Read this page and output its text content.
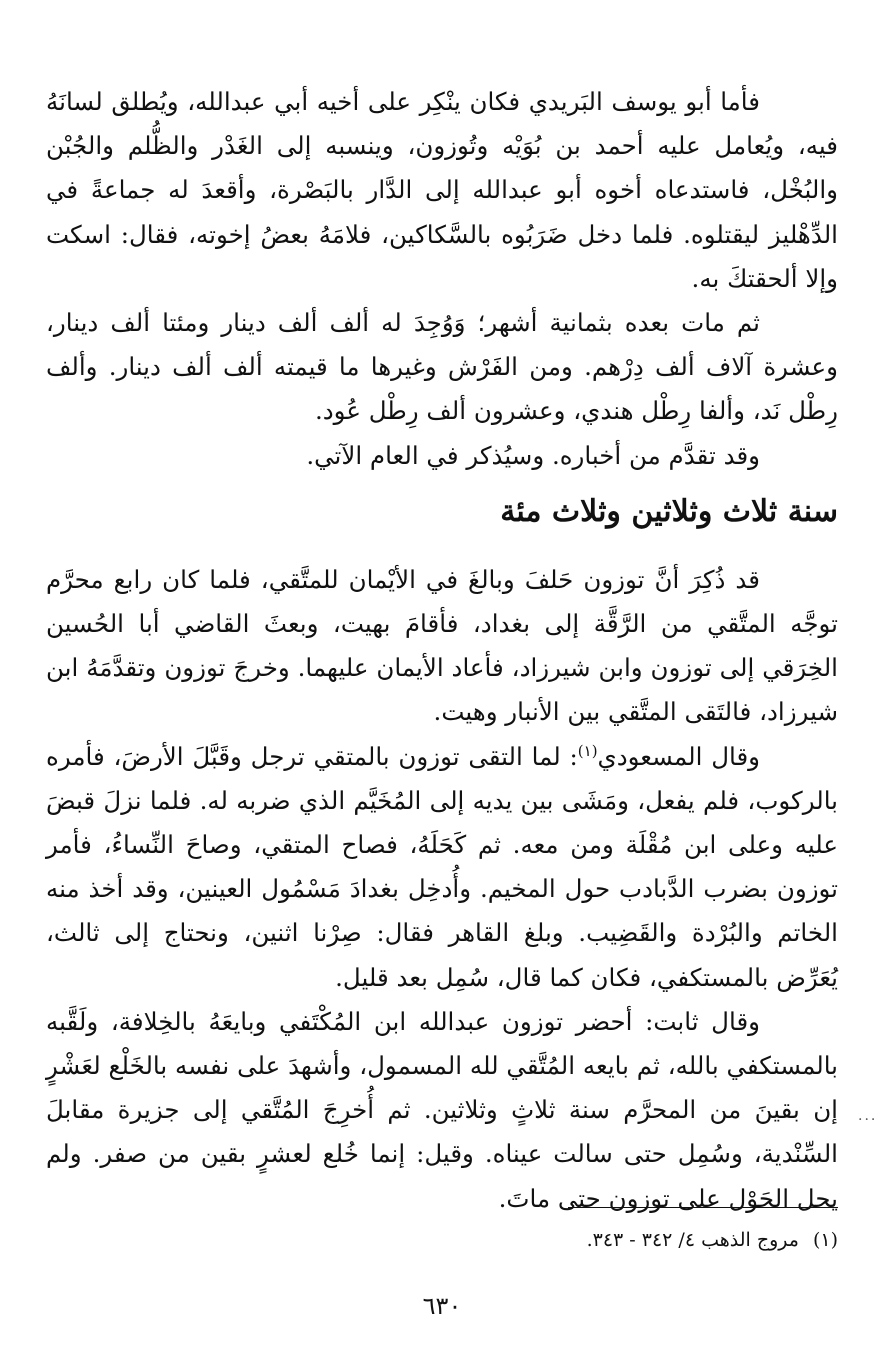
فأما أبو يوسف البَريدي فكان ينْكِر على أخيه أبي عبدالله، ويُطلق لسانَهُ فيه، ويُعامل عليه أحمد بن بُوَيْه وتُوزون، وينسبه إلى الغَدْر والظُّلم والجُبْن والبُخْل، فاستدعاه أخوه أبو عبدالله إلى الدَّار بالبَصْرة، وأقعدَ له جماعةً في الدِّهْليز ليقتلوه. فلما دخل ضَرَبُوه بالسَّكاكين، فلامَهُ بعضُ إخوته، فقال: اسكت وإلا ألحقتكَ به.

ثم مات بعده بثمانية أشهر؛ وَوُجِدَ له ألف ألف دينار ومئتا ألف دينار، وعشرة آلاف ألف دِرْهم. ومن الفَرْش وغيرها ما قيمته ألف ألف دينار. وألف رِطْل نَد، وألفا رِطْل هندي، وعشرون ألف رِطْل عُود.

وقد تقدَّم من أخباره. وسيُذكر في العام الآتي.

سنة ثلاث وثلاثين وثلاث مئة

قد ذُكِرَ أنَّ توزون حَلفَ وبالغَ في الأيْمان للمتَّقي، فلما كان رابع محرَّم توجَّه المتَّقي من الرَّقَّة إلى بغداد، فأقامَ بهيت، وبعثَ القاضي أبا الحُسين الخِرَقي إلى توزون وابن شيرزاد، فأعاد الأيمان عليهما. وخرجَ توزون وتقدَّمَهُ ابن شيرزاد، فالتَقى المتَّقي بين الأنبار وهيت.

وقال المسعودي$^{(١)}$: لما التقى توزون بالمتقي ترجل وقَبَّلَ الأرضَ، فأمره بالركوب، فلم يفعل، ومَشَى بين يديه إلى المُخَيَّم الذي ضربه له. فلما نزلَ قبضَ عليه وعلى ابن مُقْلَة ومن معه. ثم كَحَلَهُ، فصاح المتقي، وصاحَ النِّساءُ، فأمر توزون بضرب الدَّبادب حول المخيم. وأُدخِل بغدادَ مَسْمُول العينين، وقد أخذ منه الخاتم والبُرْدة والقَضِيب. وبلغ القاهر فقال: صِرْنا اثنين، ونحتاج إلى ثالث، يُعَرِّض بالمستكفي، فكان كما قال، سُمِل بعد قليل.

وقال ثابت: أحضر توزون عبدالله ابن المُكْتَفي وبايعَهُ بالخِلافة، ولَقَّبه بالمستكفي بالله، ثم بايعه المُتَّقي لله المسمول، وأشهدَ على نفسه بالخَلْع لعَشْرٍ إن بقينَ من المحرَّم سنة ثلاثٍ وثلاثين. ثم أُخرِجَ المُتَّقي إلى جزيرة مقابلَ السِّنْدية، وسُمِل حتى سالت عيناه. وقيل: إنما خُلع لعشرٍ بقين من صفر. ولم يحل الحَوْل على توزون حتى ماتَ.

(١)مروج الذهب ٤/ ٣٤٢ - ٣٤٣.

٦٣٠

...
